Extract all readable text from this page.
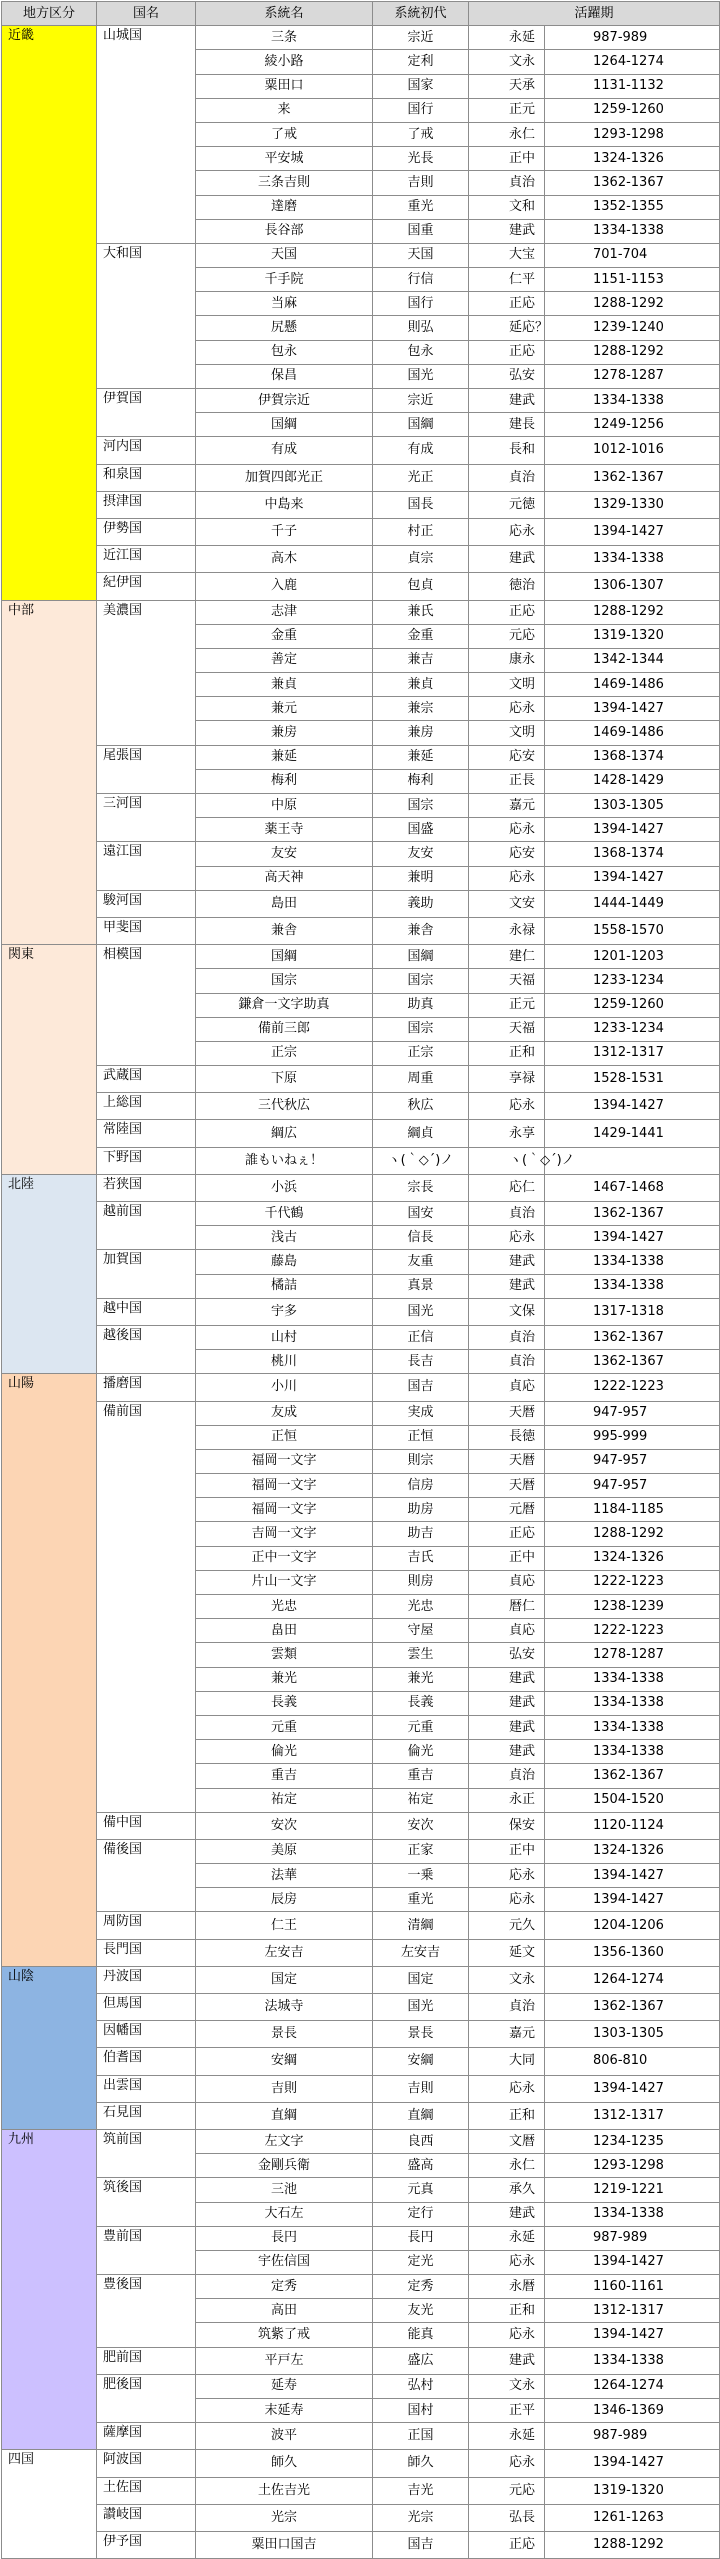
地方区分	国名	系統名	系統初代	活躍期	
近畿	山城国	三条	宗近	永延	987-989
		綾小路	定利	文永	1264-1274
		粟田口	国家	天承	1131-1132
		来	国行	正元	1259-1260
		了戒	了戒	永仁	1293-1298
		平安城	光長	正中	1324-1326
		三条吉則	吉則	貞治	1362-1367
		達磨	重光	文和	1352-1355
		長谷部	国重	建武	1334-1338
	大和国	天国	天国	大宝	701-704
		千手院	行信	仁平	1151-1153
		当麻	国行	正応	1288-1292
		尻懸	則弘	延応？	1239-1240
		包永	包永	正応	1288-1292
		保昌	国光	弘安	1278-1287
	伊賀国	伊賀宗近	宗近	建武	1334-1338
		国綱	国綱	建長	1249-1256
	河内国	有成	有成	長和	1012-1016
	和泉国	加賀四郎光正	光正	貞治	1362-1367
	摂津国	中島来	国長	元徳	1329-1330
	伊勢国	千子	村正	応永	1394-1427
	近江国	高木	貞宗	建武	1334-1338
	紀伊国	入鹿	包貞	徳治	1306-1307
中部	美濃国	志津	兼氏	正応	1288-1292
		金重	金重	元応	1319-1320
		善定	兼吉	康永	1342-1344
		兼貞	兼貞	文明	1469-1486
		兼元	兼宗	応永	1394-1427
		兼房	兼房	文明	1469-1486
	尾張国	兼延	兼延	応安	1368-1374
		梅利	梅利	正長	1428-1429
	三河国	中原	国宗	嘉元	1303-1305
		薬王寺	国盛	応永	1394-1427
	遠江国	友安	友安	応安	1368-1374
		高天神	兼明	応永	1394-1427
	駿河国	島田	義助	文安	1444-1449
	甲斐国	兼舎	兼舎	永禄	1558-1570
関東	相模国	国綱	国綱	建仁	1201-1203
		国宗	国宗	天福	1233-1234
		鎌倉一文字助真	助真	正元	1259-1260
		備前三郎	国宗	天福	1233-1234
		正宗	正宗	正和	1312-1317
	武蔵国	下原	周重	享禄	1528-1531
	上総国	三代秋広	秋広	応永	1394-1427
	常陸国	綱広	綱貞	永享	1429-1441
	下野国	誰もいねぇ！	ヽ(｀◇´)ノ	ヽ(｀◇´)ノ	
北陸	若狭国	小浜	宗長	応仁	1467-1468
	越前国	千代鶴	国安	貞治	1362-1367
		浅古	信長	応永	1394-1427
	加賀国	藤島	友重	建武	1334-1338
		橘詰	真景	建武	1334-1338
	越中国	宇多	国光	文保	1317-1318
	越後国	山村	正信	貞治	1362-1367
		桃川	長吉	貞治	1362-1367
山陽	播磨国	小川	国吉	貞応	1222-1223
	備前国	友成	実成	天暦	947-957
		正恒	正恒	長徳	995-999
		福岡一文字	則宗	天暦	947-957
		福岡一文字	信房	天暦	947-957
		福岡一文字	助房	元暦	1184-1185
		吉岡一文字	助吉	正応	1288-1292
		正中一文字	吉氏	正中	1324-1326
		片山一文字	則房	貞応	1222-1223
		光忠	光忠	暦仁	1238-1239
		畠田	守屋	貞応	1222-1223
		雲類	雲生	弘安	1278-1287
		兼光	兼光	建武	1334-1338
		長義	長義	建武	1334-1338
		元重	元重	建武	1334-1338
		倫光	倫光	建武	1334-1338
		重吉	重吉	貞治	1362-1367
		祐定	祐定	永正	1504-1520
	備中国	安次	安次	保安	1120-1124
	備後国	美原	正家	正中	1324-1326
		法華	一乗	応永	1394-1427
		辰房	重光	応永	1394-1427
	周防国	仁王	清綱	元久	1204-1206
	長門国	左安吉	左安吉	延文	1356-1360
山陰	丹波国	国定	国定	文永	1264-1274
	但馬国	法城寺	国光	貞治	1362-1367
	因幡国	景長	景長	嘉元	1303-1305
	伯耆国	安綱	安綱	大同	806-810
	出雲国	吉則	吉則	応永	1394-1427
	石見国	直綱	直綱	正和	1312-1317
九州	筑前国	左文字	良西	文暦	1234-1235
		金剛兵衛	盛高	永仁	1293-1298
	筑後国	三池	元真	承久	1219-1221
		大石左	定行	建武	1334-1338
	豊前国	長円	長円	永延	987-989
		宇佐信国	定光	応永	1394-1427
	豊後国	定秀	定秀	永暦	1160-1161
		高田	友光	正和	1312-1317
		筑紫了戒	能真	応永	1394-1427
	肥前国	平戸左	盛広	建武	1334-1338
	肥後国	延寿	弘村	文永	1264-1274
		末延寿	国村	正平	1346-1369
	薩摩国	波平	正国	永延	987-989
四国	阿波国	師久	師久	応永	1394-1427
	土佐国	土佐吉光	吉光	元応	1319-1320
	讃岐国	光宗	光宗	弘長	1261-1263
	伊予国	粟田口国吉	国吉	正応	1288-1292
